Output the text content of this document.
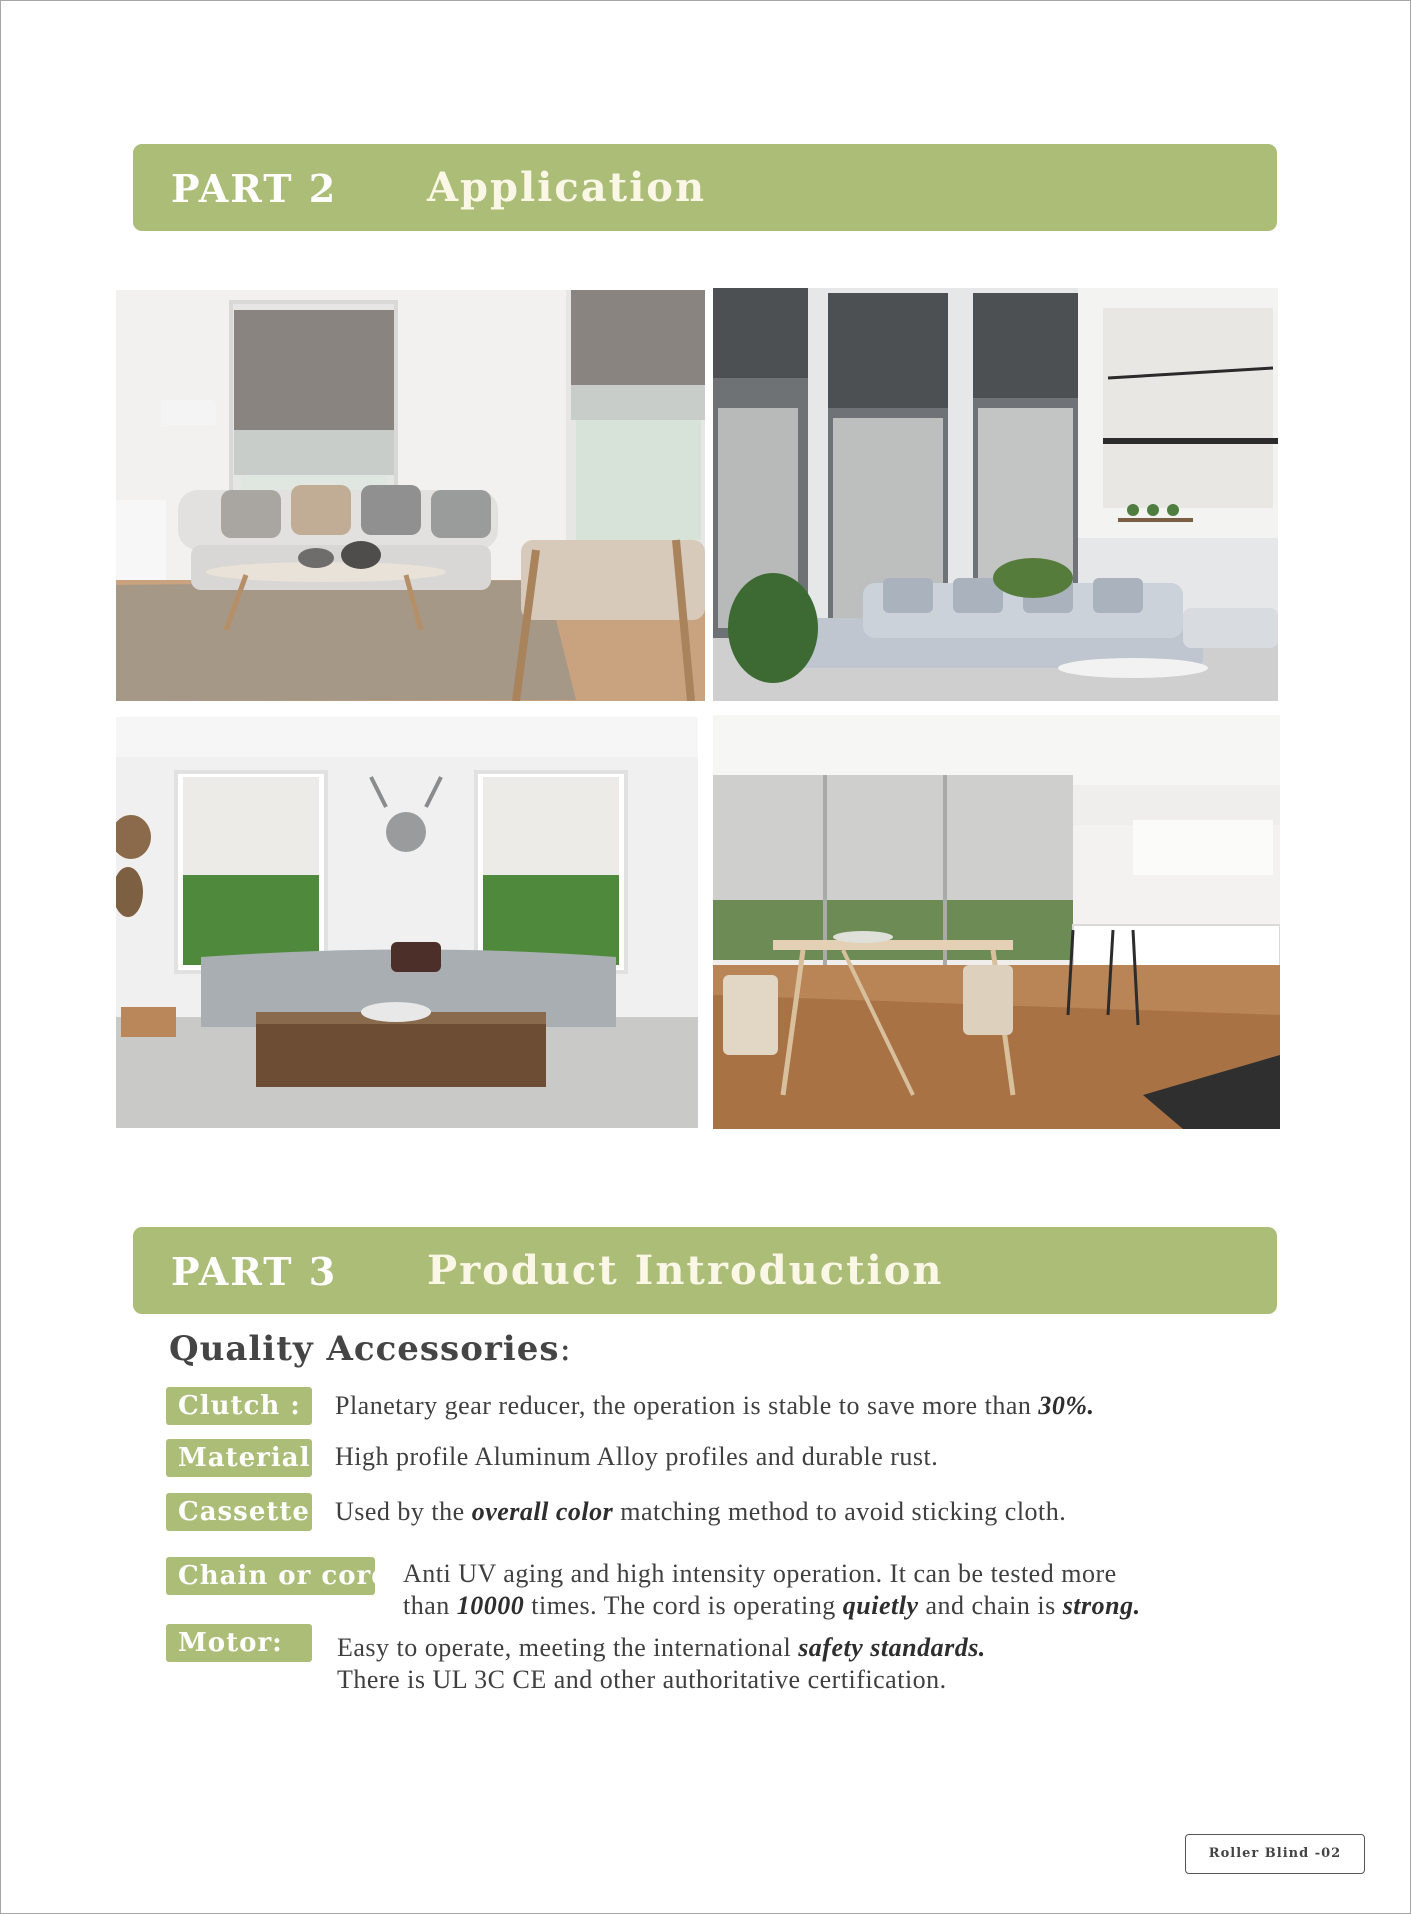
PART 2 Application
PART 3 Product Introduction
Quality Accessories:
Clutch :
Material:
Cassette:
Chain or cord:
Motor:
Planetary gear reducer, the operation is stable to save more than 30%.
High profile Aluminum Alloy profiles and durable rust.
Used by the overall color matching method to avoid sticking cloth.
Anti UV aging and high intensity operation. It can be tested more
than 10000 times. The cord is operating quietly and chain is strong.
Easy to operate, meeting the international safety standards.
There is UL 3C CE and other authoritative certification.
Roller Blind -02
